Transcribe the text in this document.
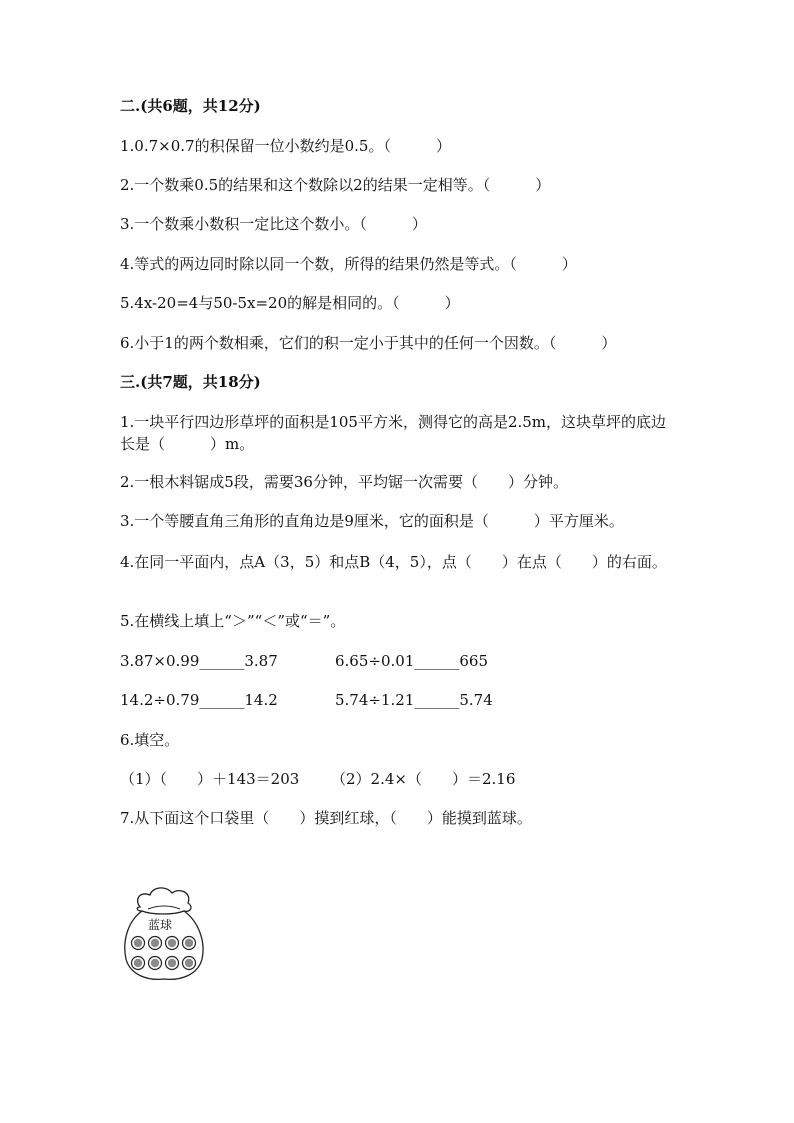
二.(共6题，共12分)
1.0.7×0.7的积保留一位小数约是0.5。（　　　）
2.一个数乘0.5的结果和这个数除以2的结果一定相等。（　　　）
3.一个数乘小数积一定比这个数小。（　　　）
4.等式的两边同时除以同一个数，所得的结果仍然是等式。（　　　）
5.4x-20=4与50-5x=20的解是相同的。（　　　）
6.小于1的两个数相乘，它们的积一定小于其中的任何一个因数。（　　　）
三.(共7题，共18分)
1.一块平行四边形草坪的面积是105平方米，测得它的高是2.5m，这块草坪的底边长是（　　　）m。
2.一根木料锯成5段，需要36分钟，平均锯一次需要（　　）分钟。
3.一个等腰直角三角形的直角边是9厘米，它的面积是（　　　）平方厘米。
4.在同一平面内，点A（3，5）和点B（4，5），点（　　）在点（　　）的右面。
5.在横线上填上“＞”“＜”或“＝”。
3.87×0.99______3.87	6.65÷0.01______665
14.2÷0.79______14.2	5.74÷1.21______5.74
6.填空。
（1）（　　）＋143＝203 （2）2.4×（　　）＝2.16
7.从下面这个口袋里（　　）摸到红球，（　　）能摸到蓝球。
蓝球
